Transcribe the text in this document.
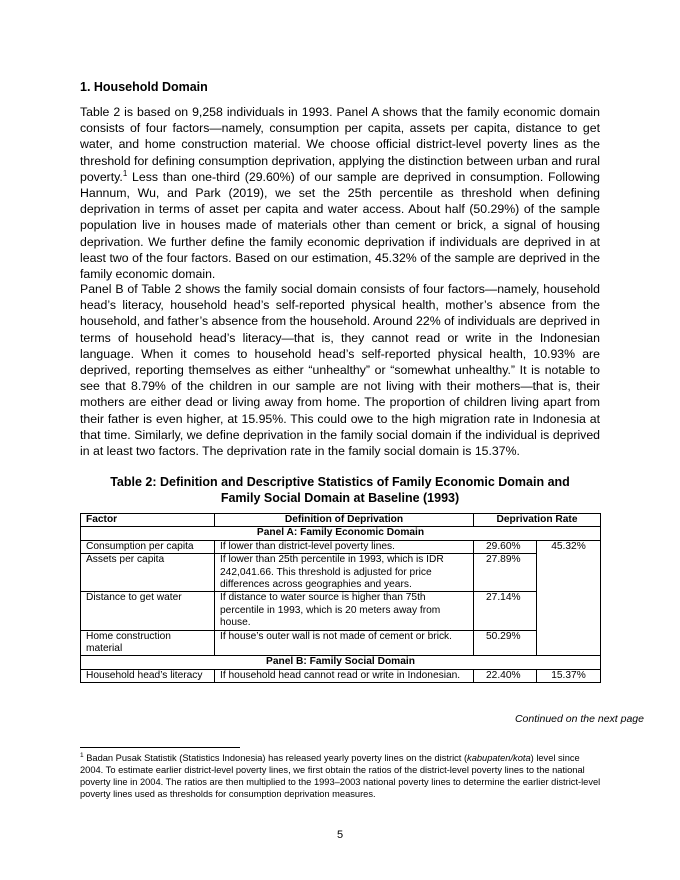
1. Household Domain

Table 2 is based on 9,258 individuals in 1993. Panel A shows that the family economic domain consists of four factors—namely, consumption per capita, assets per capita, distance to get water, and home construction material. We choose official district-level poverty lines as the threshold for defining consumption deprivation, applying the distinction between urban and rural poverty.$^1$ Less than one-third (29.60%) of our sample are deprived in consumption. Following Hannum, Wu, and Park (2019), we set the 25th percentile as threshold when defining deprivation in terms of asset per capita and water access. About half (50.29%) of the sample population live in houses made of materials other than cement or brick, a signal of housing deprivation. We further define the family economic deprivation if individuals are deprived in at least two of the four factors. Based on our estimation, 45.32% of the sample are deprived in the family economic domain.

Panel B of Table 2 shows the family social domain consists of four factors—namely, household head’s literacy, household head’s self-reported physical health, mother’s absence from the household, and father’s absence from the household. Around 22% of individuals are deprived in terms of household head’s literacy—that is, they cannot read or write in the Indonesian language. When it comes to household head’s self-reported physical health, 10.93% are deprived, reporting themselves as either “unhealthy” or “somewhat unhealthy.” It is notable to see that 8.79% of the children in our sample are not living with their mothers—that is, their mothers are either dead or living away from home. The proportion of children living apart from their father is even higher, at 15.95%. This could owe to the high migration rate in Indonesia at that time. Similarly, we define deprivation in the family social domain if the individual is deprived in at least two factors. The deprivation rate in the family social domain is 15.37%.

Table 2: Definition and Descriptive Statistics of Family Economic Domain and
Family Social Domain at Baseline (1993)
Factor	Definition of Deprivation	Deprivation Rate	
Panel A: Family Economic Domain			
Consumption per capita	If lower than district-level poverty lines.	29.60%	45.32%
Assets per capita	If lower than 25th percentile in 1993, which is IDR 242,041.66. This threshold is adjusted for price differences across geographies and years.	27.89%	
Distance to get water	If distance to water source is higher than 75th percentile in 1993, which is 20 meters away from house.	27.14%	
Home construction material	If house’s outer wall is not made of cement or brick.	50.29%	
Panel B: Family Social Domain			
Household head’s literacy	If household head cannot read or write in Indonesian.	22.40%	15.37%
Continued on the next page

$^1$ Badan Pusak Statistik (Statistics Indonesia) has released yearly poverty lines on the district (kabupaten/kota) level since 2004. To estimate earlier district-level poverty lines, we first obtain the ratios of the district-level poverty lines to the national poverty line in 2004. The ratios are then multiplied to the 1993–2003 national poverty lines to determine the earlier district-level poverty lines used as thresholds for consumption deprivation measures.

5
